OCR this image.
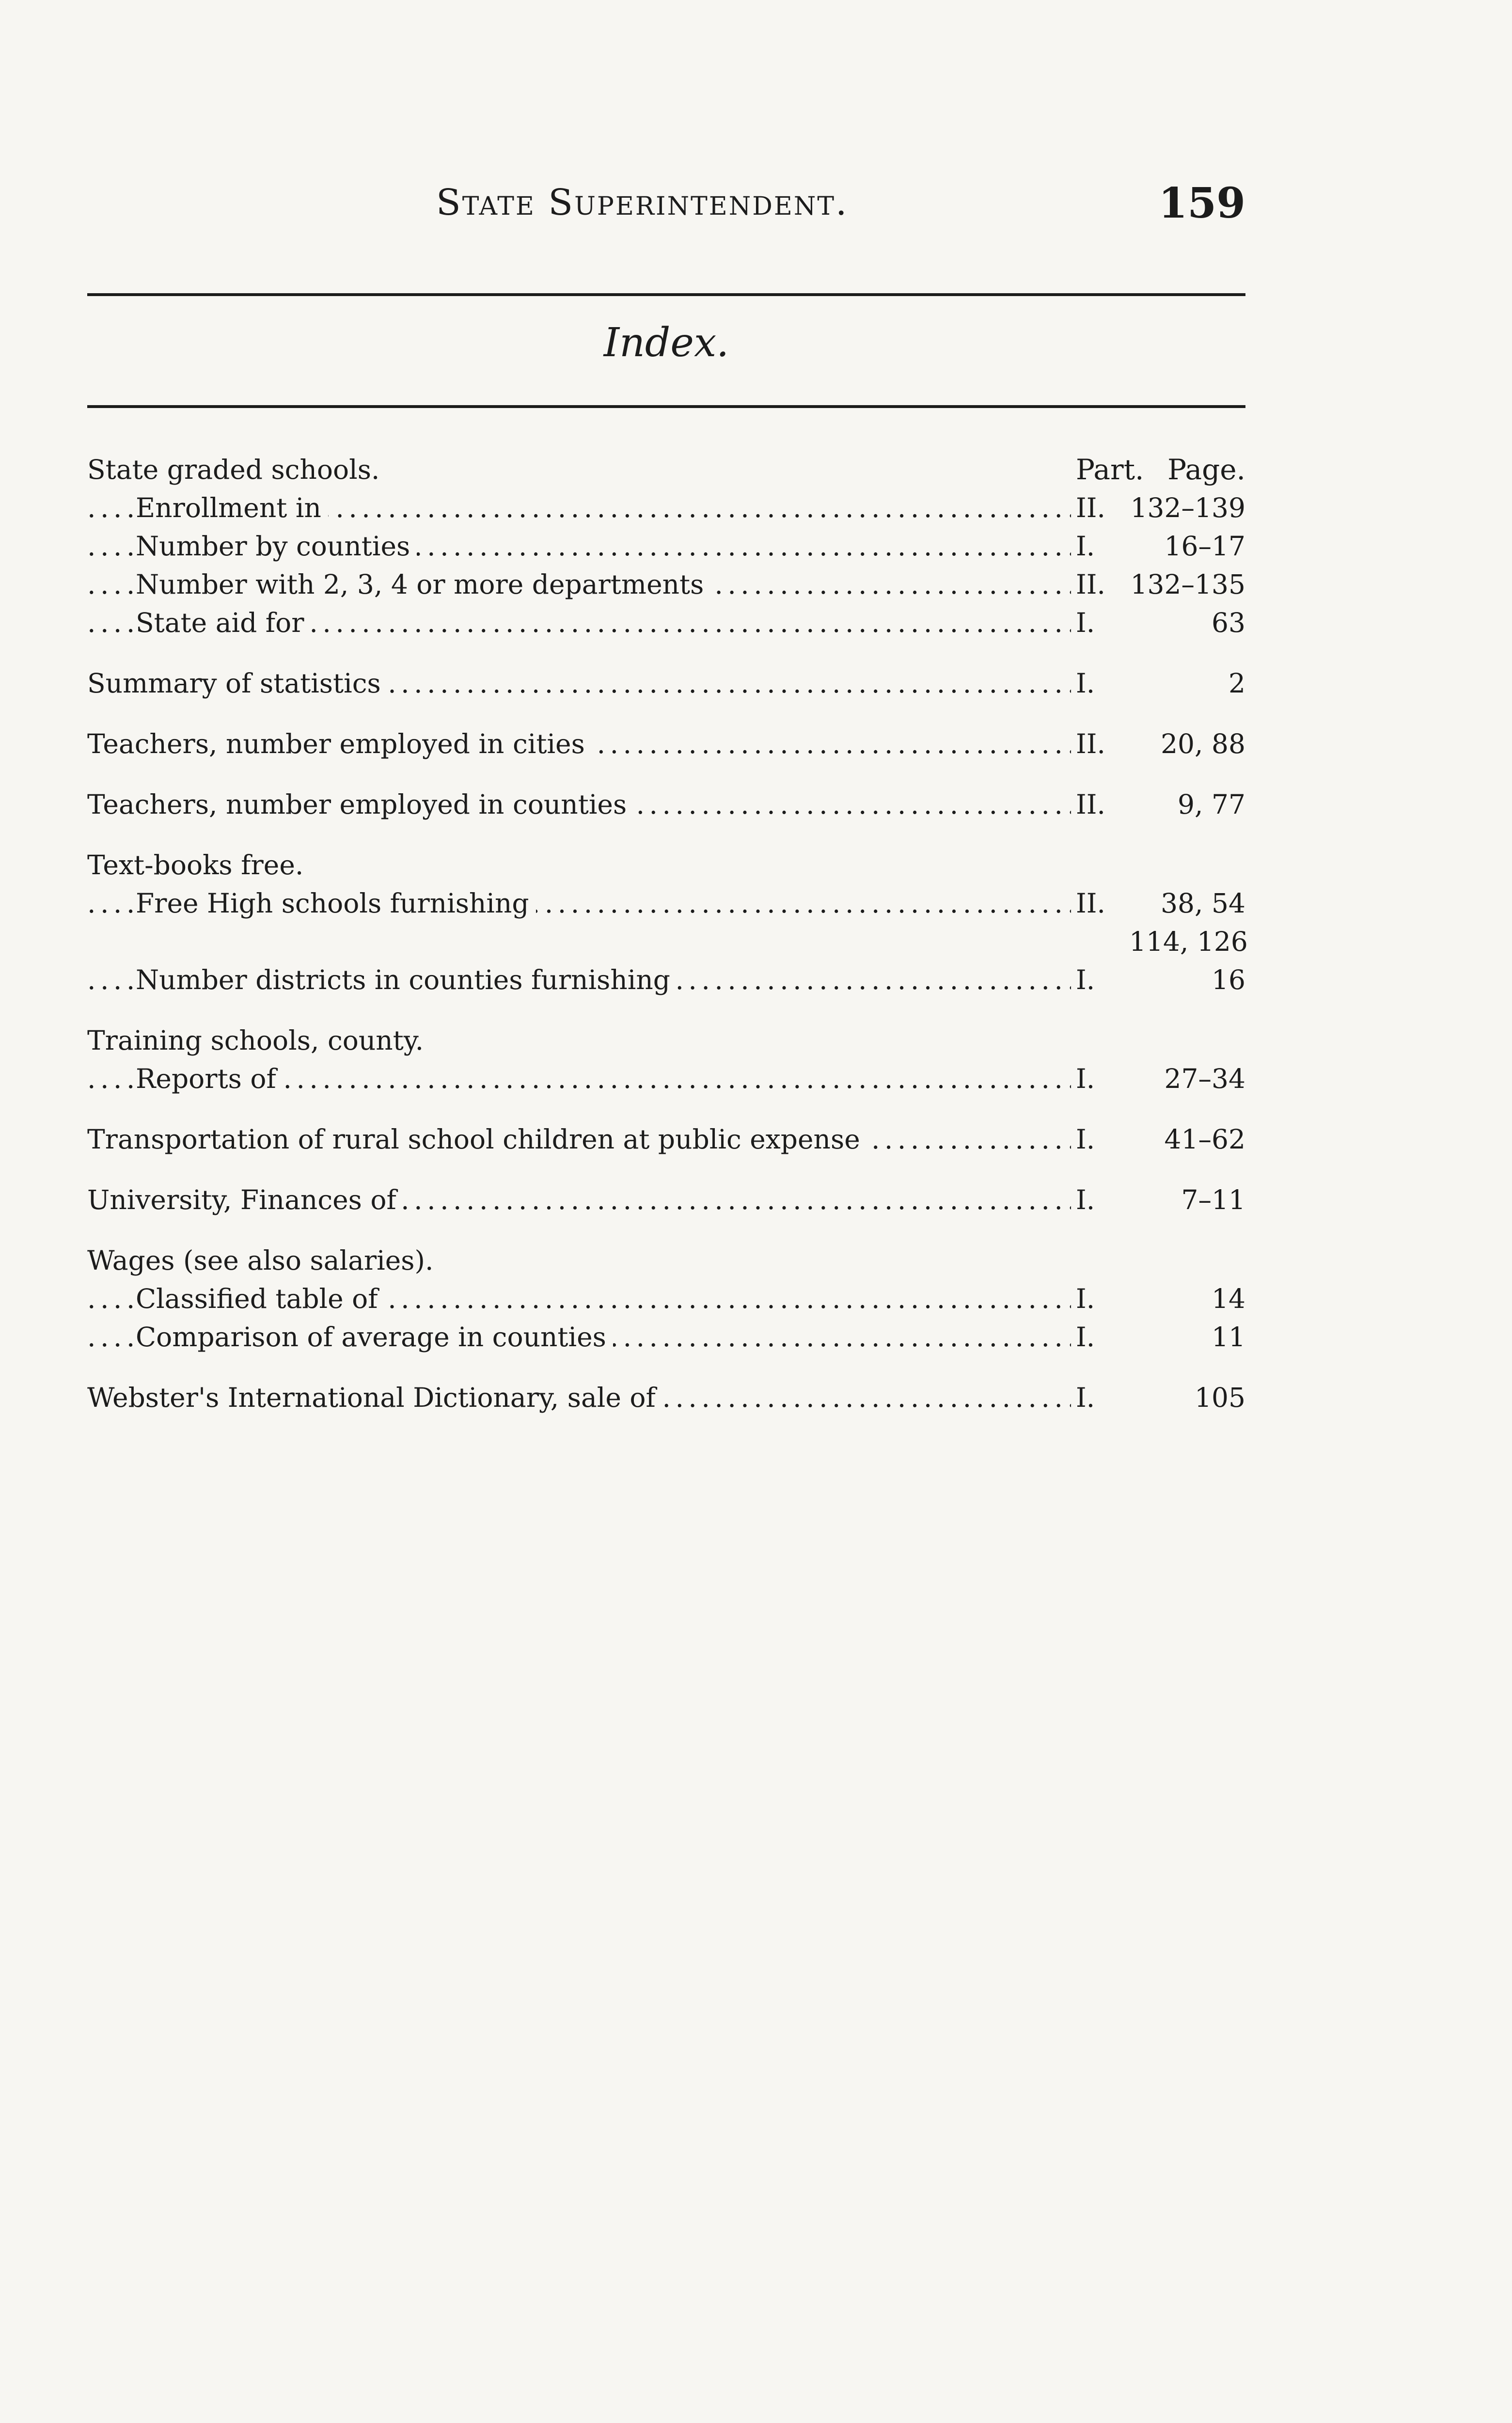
State Superintendent.	159
Index.
State graded schools.	Part. Page.
Enrollment in . . .	II. 132–139
Number by counties . . .	I.	16–17
Number with 2, 3, 4 or more departments . . .	II. 132–135
State aid for . . .	I.	63
Summary of statistics . . .	I.	2
Teachers, number employed in cities . . .	II.	20, 88
Teachers, number employed in counties . . .	II.	9, 77
Text-books free.
Free High schools furnishing . . .	II.	38, 54
114, 126
Number districts in counties furnishing . . .	I.	16
Training schools, county.
Reports of . . .	I.	27–34
Transportation of rural school children at public expense . . .	I.	41–62
University, Finances of . . .	I.	7–11
Wages (see also salaries).
Classified table of . . .	I.	14
Comparison of average in counties . . .	I.	11
Webster's International Dictionary, sale of . . .	I.	105
